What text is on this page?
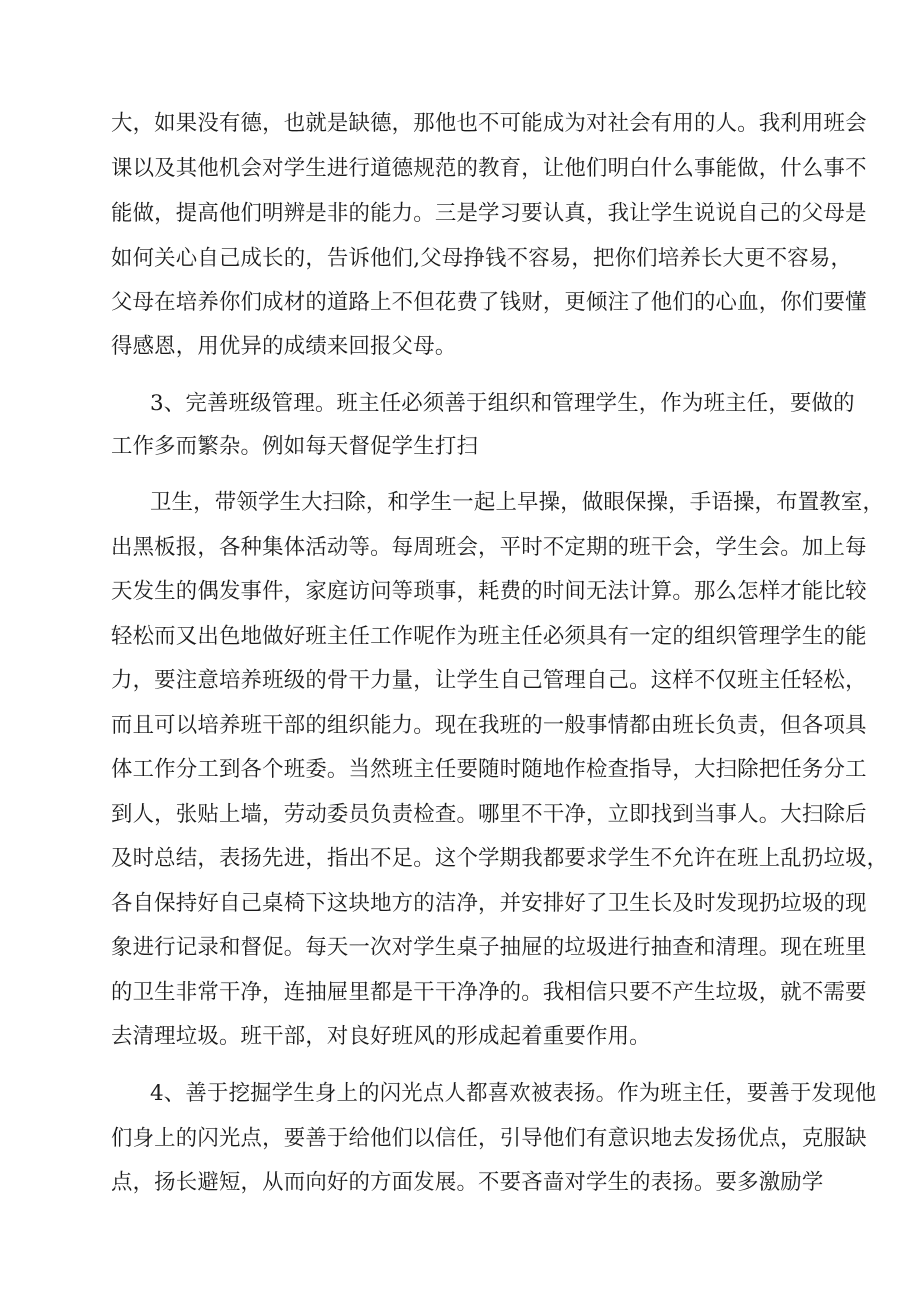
大，如果没有德，也就是缺德，那他也不可能成为对社会有用的人。我利用班会
课以及其他机会对学生进行道德规范的教育，让他们明白什么事能做，什么事不
能做，提高他们明辨是非的能力。三是学习要认真，我让学生说说自己的父母是
如何关心自己成长的，告诉他们,父母挣钱不容易，把你们培养长大更不容易，
父母在培养你们成材的道路上不但花费了钱财，更倾注了他们的心血，你们要懂
得感恩，用优异的成绩来回报父母。
3、完善班级管理。班主任必须善于组织和管理学生，作为班主任，要做的
工作多而繁杂。例如每天督促学生打扫
卫生，带领学生大扫除，和学生一起上早操，做眼保操，手语操，布置教室，
出黑板报，各种集体活动等。每周班会，平时不定期的班干会，学生会。加上每
天发生的偶发事件，家庭访问等琐事，耗费的时间无法计算。那么怎样才能比较
轻松而又出色地做好班主任工作呢作为班主任必须具有一定的组织管理学生的能
力，要注意培养班级的骨干力量，让学生自己管理自己。这样不仅班主任轻松，
而且可以培养班干部的组织能力。现在我班的一般事情都由班长负责，但各项具
体工作分工到各个班委。当然班主任要随时随地作检查指导，大扫除把任务分工
到人，张贴上墙，劳动委员负责检查。哪里不干净，立即找到当事人。大扫除后
及时总结，表扬先进，指出不足。这个学期我都要求学生不允许在班上乱扔垃圾，
各自保持好自己桌椅下这块地方的洁净，并安排好了卫生长及时发现扔垃圾的现
象进行记录和督促。每天一次对学生桌子抽屉的垃圾进行抽查和清理。现在班里
的卫生非常干净，连抽屉里都是干干净净的。我相信只要不产生垃圾，就不需要
去清理垃圾。班干部，对良好班风的形成起着重要作用。
4、善于挖掘学生身上的闪光点人都喜欢被表扬。作为班主任，要善于发现他
们身上的闪光点，要善于给他们以信任，引导他们有意识地去发扬优点，克服缺
点，扬长避短，从而向好的方面发展。不要吝啬对学生的表扬。要多激励学
